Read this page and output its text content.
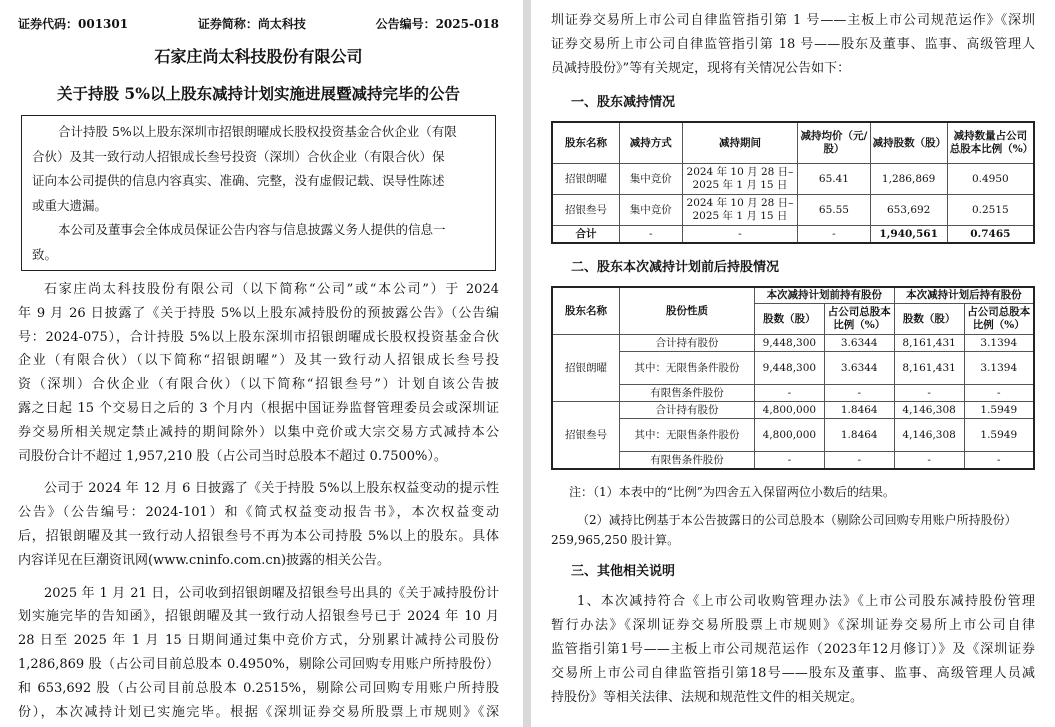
证券代码：001301	证券简称：尚太科技	公告编号：2025-018
石家庄尚太科技股份有限公司
关于持股 5%以上股东减持计划实施进展暨减持完毕的公告
合计持股 5%以上股东深圳市招银朗曜成长股权投资基金合伙企业（有限
合伙）及其一致行动人招银成长叁号投资（深圳）合伙企业（有限合伙）保
证向本公司提供的信息内容真实、准确、完整，没有虚假记载、误导性陈述
或重大遗漏。
本公司及董事会全体成员保证公告内容与信息披露义务人提供的信息一
致。
石家庄尚太科技股份有限公司（以下简称“公司”或“本公司”）于 2024
年 9 月 26 日披露了《关于持股 5%以上股东减持股份的预披露公告》（公告编
号：2024-075），合计持股 5%以上股东深圳市招银朗曜成长股权投资基金合伙
企业（有限合伙）（以下简称“招银朗曜”）及其一致行动人招银成长叁号投
资（深圳）合伙企业（有限合伙）（以下简称“招银叁号”）计划自该公告披
露之日起 15 个交易日之后的 3 个月内（根据中国证券监督管理委员会或深圳证
券交易所相关规定禁止减持的期间除外）以集中竞价或大宗交易方式减持本公
司股份合计不超过 1,957,210 股（占公司当时总股本不超过 0.7500%）。
公司于 2024 年 12 月 6 日披露了《关于持股 5%以上股东权益变动的提示性
公告》（公告编号：2024-101）和《简式权益变动报告书》，本次权益变动
后，招银朗曜及其一致行动人招银叁号不再为本公司持股 5%以上的股东。具体
内容详见在巨潮资讯网(www.cninfo.com.cn)披露的相关公告。
2025 年 1 月 21 日，公司收到招银朗曜及招银叁号出具的《关于减持股份计
划实施完毕的告知函》，招银朗曜及其一致行动人招银叁号已于 2024 年 10 月
28 日至 2025 年 1 月 15 日期间通过集中竞价方式，分别累计减持公司股份
1,286,869 股（占公司目前总股本 0.4950%，剔除公司回购专用账户所持股份）
和 653,692 股（占公司目前总股本 0.2515%，剔除公司回购专用账户所持股
份），本次减持计划已实施完毕。根据《深圳证券交易所股票上市规则》《深
圳证券交易所上市公司自律监管指引第 1 号——主板上市公司规范运作》《深圳
证券交易所上市公司自律监管指引第 18 号——股东及董事、监事、高级管理人
员减持股份》”等有关规定，现将有关情况公告如下：
一、股东减持情况
股东名称	减持方式	减持期间	减持均价（元/股）	减持股数（股）	减持数量占公司总股本比例（%）
招银朗曜	集中竞价	2024 年 10 月 28 日–2025 年 1 月 15 日	65.41	1,286,869	0.4950
招银叁号	集中竞价	2024 年 10 月 28 日–2025 年 1 月 15 日	65.55	653,692	0.2515
合计	-	-	-	1,940,561	0.7465
二、股东本次减持计划前后持股情况
股东名称	股份性质	本次减持计划前持有股份		本次减持计划后持有股份	
		股数（股）	占公司总股本比例（%）	股数（股）	占公司总股本比例（%）
招银朗曜	合计持有股份	9,448,300	3.6344	8,161,431	3.1394
	其中：无限售条件股份	9,448,300	3.6344	8,161,431	3.1394
	有限售条件股份	-	-	-	-
招银叁号	合计持有股份	4,800,000	1.8464	4,146,308	1.5949
	其中：无限售条件股份	4,800,000	1.8464	4,146,308	1.5949
	有限售条件股份	-	-	-	-
注：（1）本表中的“比例”为四舍五入保留两位小数后的结果。
（2）减持比例基于本公告披露日的公司总股本（剔除公司回购专用账户所持股份）
259,965,250 股计算。
三、其他相关说明
1、本次减持符合《上市公司收购管理办法》《上市公司股东减持股份管理
暂行办法》《深圳证券交易所股票上市规则》《深圳证券交易所上市公司自律
监管指引第1号——主板上市公司规范运作（2023年12月修订）》及《深圳证券
交易所上市公司自律监管指引第18号——股东及董事、监事、高级管理人员减
持股份》等相关法律、法规和规范性文件的相关规定。
